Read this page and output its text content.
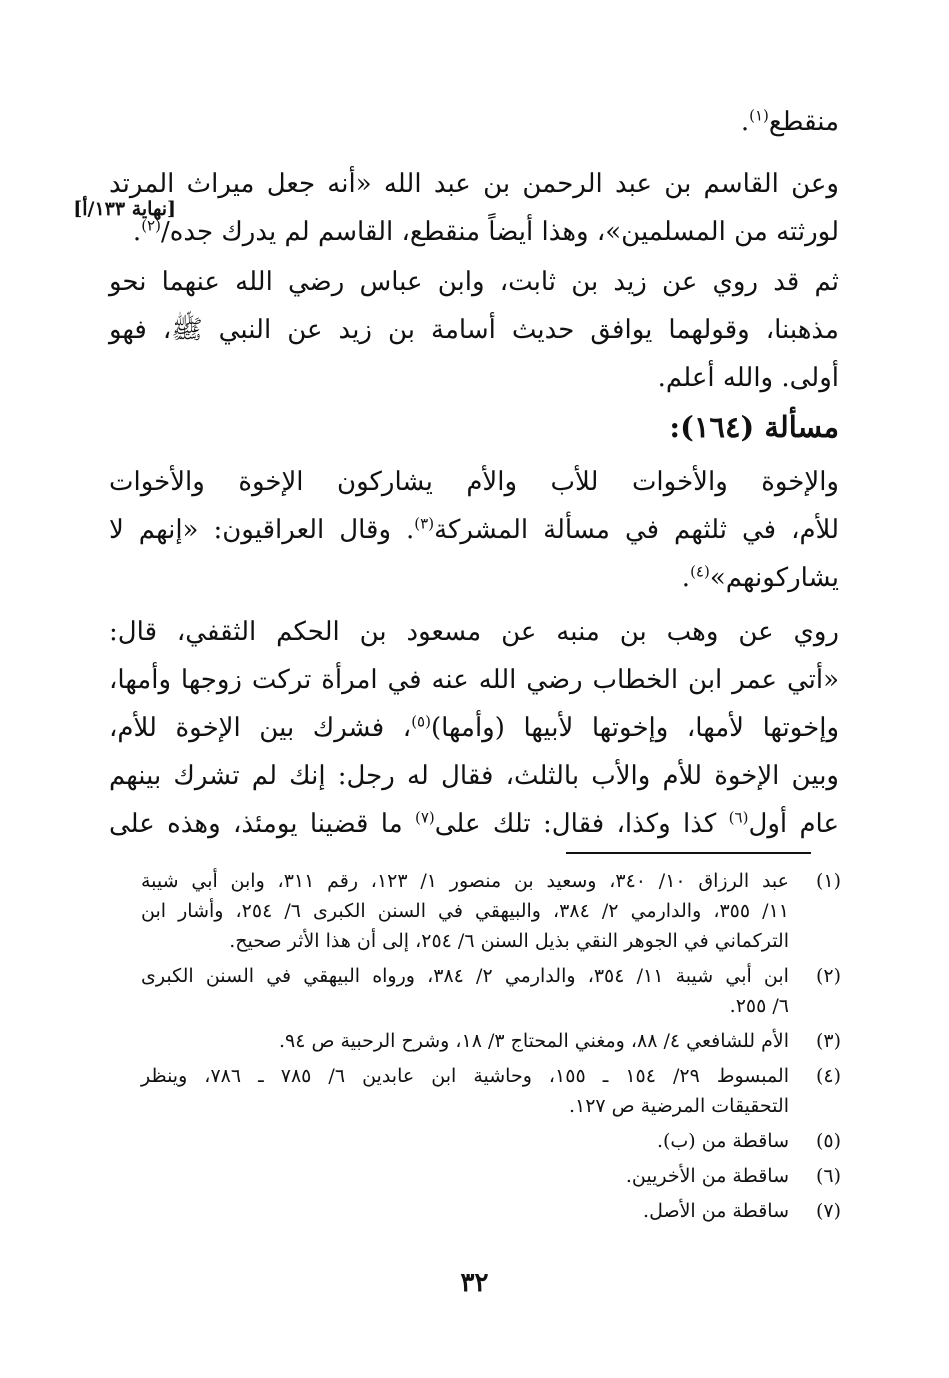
منقطع$^{(١)}$.
وعن القاسم بن عبد الرحمن بن عبد الله «أنه جعل ميراث المرتد
لورثته من المسلمين»، وهذا أيضاً منقطع، القاسم لم يدرك جده/$^{(٢)}$.
[نهاية ١٣٣/أ]
ثم قد روي عن زيد بن ثابت، وابن عباس رضي الله عنهما نحو
مذهبنا، وقولهما يوافق حديث أسامة بن زيد عن النبي ﷺ، فهو
أولى. والله أعلم.
مسألة (١٦٤):
والإخوة والأخوات للأب والأم يشاركون الإخوة والأخوات
للأم، في ثلثهم في مسألة المشركة$^{(٣)}$. وقال العراقيون: «إنهم لا
يشاركونهم»$^{(٤)}$.
روي عن وهب بن منبه عن مسعود بن الحكم الثقفي، قال:
«أتي عمر ابن الخطاب رضي الله عنه في امرأة تركت زوجها وأمها،
وإخوتها لأمها، وإخوتها لأبيها (وأمها)$^{(٥)}$، فشرك بين الإخوة للأم،
وبين الإخوة للأم والأب بالثلث، فقال له رجل: إنك لم تشرك بينهم
عام أول$^{(٦)}$ كذا وكذا، فقال: تلك على$^{(٧)}$ ما قضينا يومئذ، وهذه على
(١)
عبد الرزاق ١٠/ ٣٤٠، وسعيد بن منصور ١/ ١٢٣، رقم ٣١١، وابن أبي شيبة
١١/ ٣٥٥، والدارمي ٢/ ٣٨٤، والبيهقي في السنن الكبرى ٦/ ٢٥٤، وأشار ابن
التركماني في الجوهر النقي بذيل السنن ٦/ ٢٥٤، إلى أن هذا الأثر صحيح.
(٢)
ابن أبي شيبة ١١/ ٣٥٤، والدارمي ٢/ ٣٨٤، ورواه البيهقي في السنن الكبرى
٦/ ٢٥٥.
(٣)
الأم للشافعي ٤/ ٨٨، ومغني المحتاج ٣/ ١٨، وشرح الرحبية ص ٩٤.
(٤)
المبسوط ٢٩/ ١٥٤ ـ ١٥٥، وحاشية ابن عابدين ٦/ ٧٨٥ ـ ٧٨٦، وينظر
التحقيقات المرضية ص ١٢٧.
(٥)
ساقطة من (ب).
(٦)
ساقطة من الأخريين.
(٧)
ساقطة من الأصل.
٣٢
